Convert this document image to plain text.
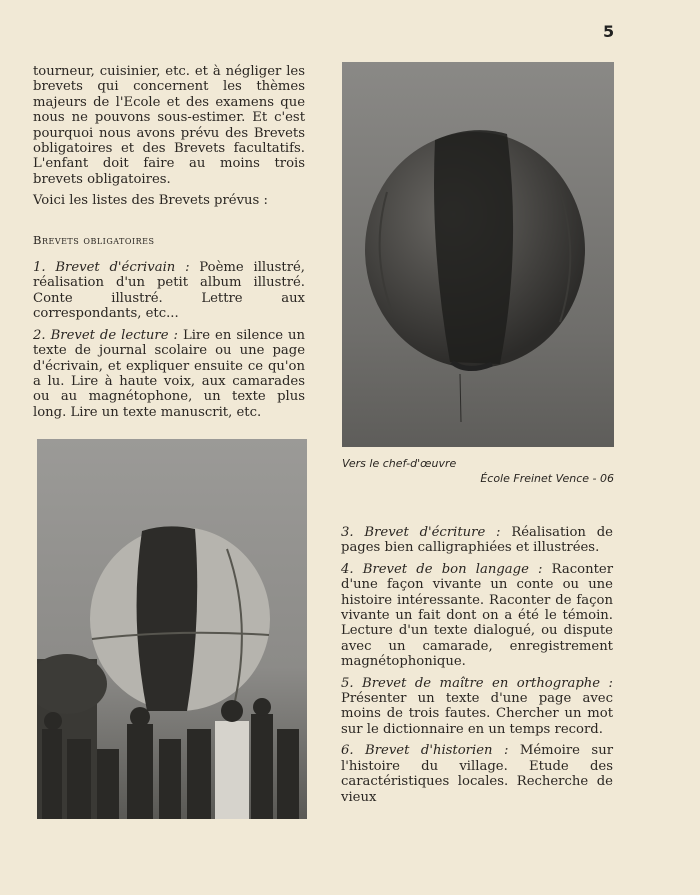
5

tourneur, cuisinier, etc. et à négliger les brevets qui concernent les thèmes majeurs de l'Ecole et des examens que nous ne pouvons sous-estimer. Et c'est pourquoi nous avons prévu des Brevets obligatoires et des Brevets facultatifs. L'enfant doit faire au moins trois brevets obligatoires.

Voici les listes des Brevets prévus :

Brevets obligatoires

1. Brevet d'écrivain : Poème illustré, réalisation d'un petit album illustré. Conte illustré. Lettre aux correspondants, etc...

2. Brevet de lecture : Lire en silence un texte de journal scolaire ou une page d'écrivain, et expliquer ensuite ce qu'on a lu. Lire à haute voix, aux camarades ou au magnétophone, un texte plus long. Lire un texte manuscrit, etc.

Vers le chef-d'œuvre
École Freinet Vence - 06

3. Brevet d'écriture : Réalisation de pages bien calligraphiées et illustrées.

4. Brevet de bon langage : Raconter d'une façon vivante un conte ou une histoire intéressante. Raconter de façon vivante un fait dont on a été le témoin. Lecture d'un texte dialogué, ou dispute avec un camarade, enregistrement magnétophonique.

5. Brevet de maître en orthographe : Présenter un texte d'une page avec moins de trois fautes. Chercher un mot sur le dictionnaire en un temps record.

6. Brevet d'historien : Mémoire sur l'histoire du village. Etude des caractéristiques locales. Recherche de vieux
